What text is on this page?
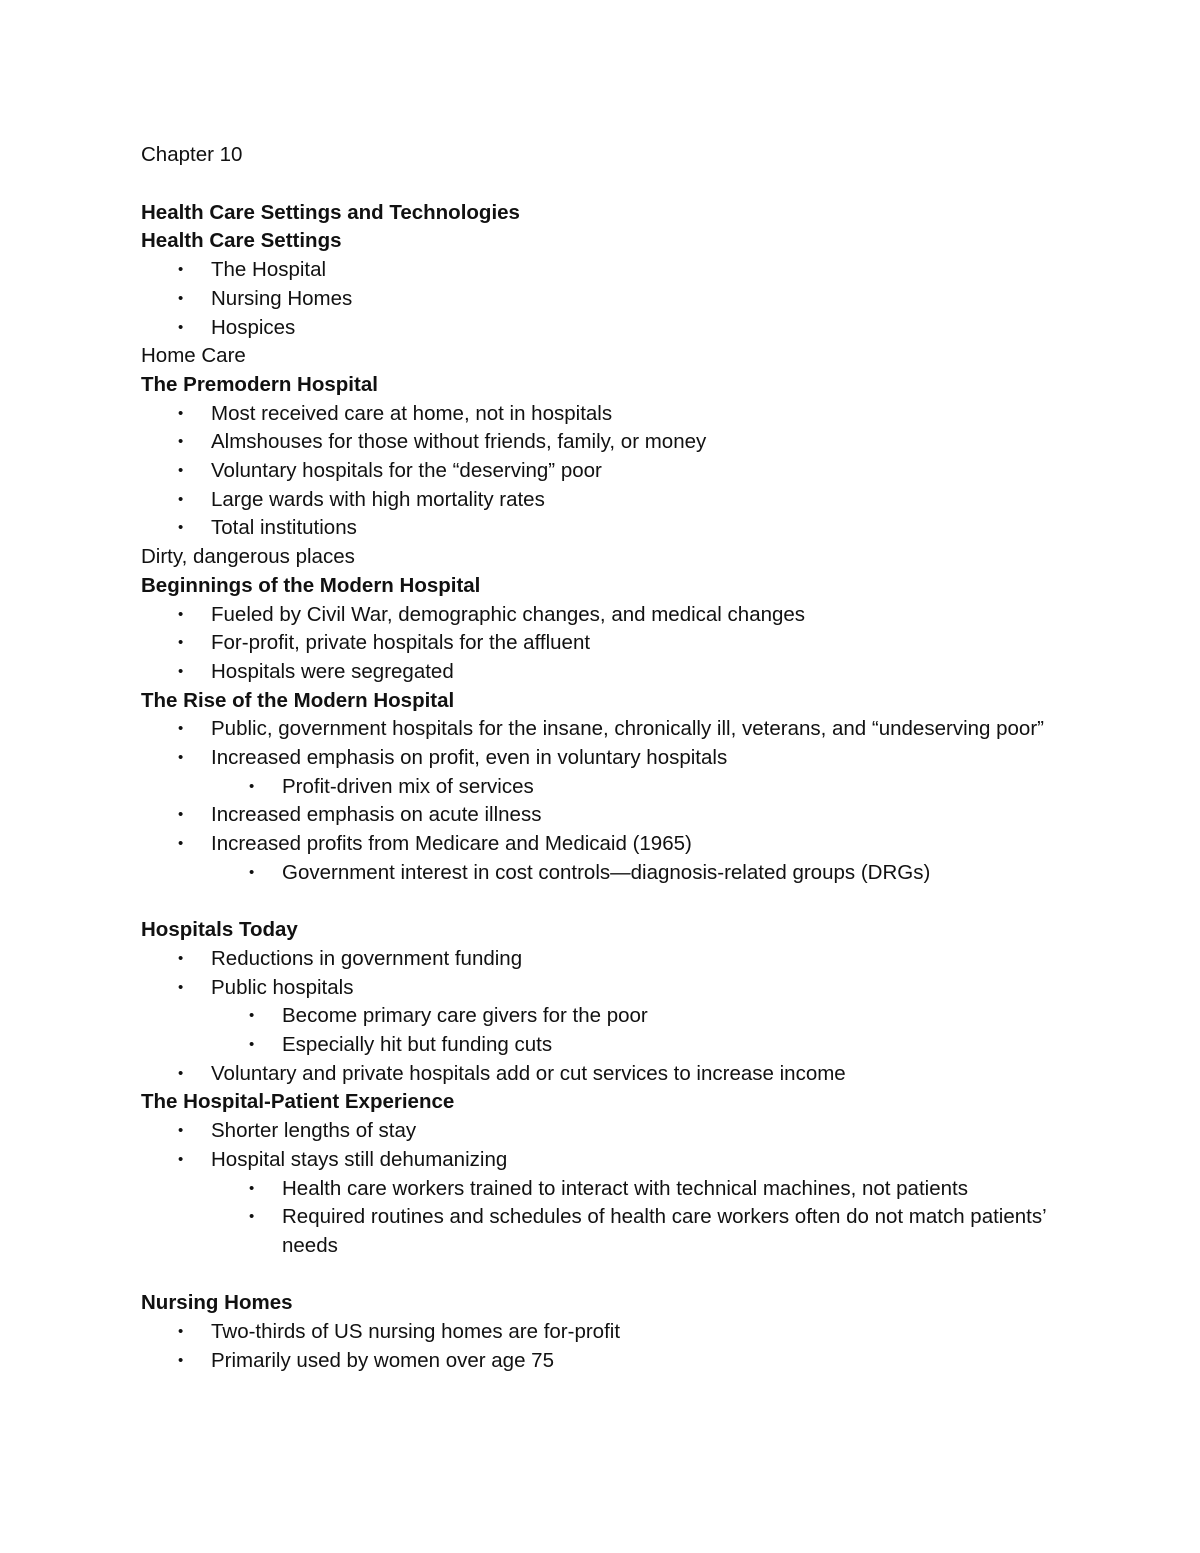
Chapter 10

Health Care Settings and Technologies

Health Care Settings

• The Hospital
• Nursing Homes
• Hospices

Home Care

The Premodern Hospital

• Most received care at home, not in hospitals
• Almshouses for those without friends, family, or money
• Voluntary hospitals for the “deserving” poor
• Large wards with high mortality rates
• Total institutions

Dirty, dangerous places

Beginnings of the Modern Hospital

• Fueled by Civil War, demographic changes, and medical changes
• For-profit, private hospitals for the affluent
• Hospitals were segregated

The Rise of the Modern Hospital

• Public, government hospitals for the insane, chronically ill, veterans, and “undeserving poor”
• Increased emphasis on profit, even in voluntary hospitals
• Profit-driven mix of services
• Increased emphasis on acute illness
• Increased profits from Medicare and Medicaid (1965)
• Government interest in cost controls—diagnosis-related groups (DRGs)

Hospitals Today

• Reductions in government funding
• Public hospitals
• Become primary care givers for the poor
• Especially hit but funding cuts
• Voluntary and private hospitals add or cut services to increase income

The Hospital-Patient Experience

• Shorter lengths of stay
• Hospital stays still dehumanizing
• Health care workers trained to interact with technical machines, not patients
• Required routines and schedules of health care workers often do not match patients’ needs

Nursing Homes

• Two-thirds of US nursing homes are for-profit
• Primarily used by women over age 75
